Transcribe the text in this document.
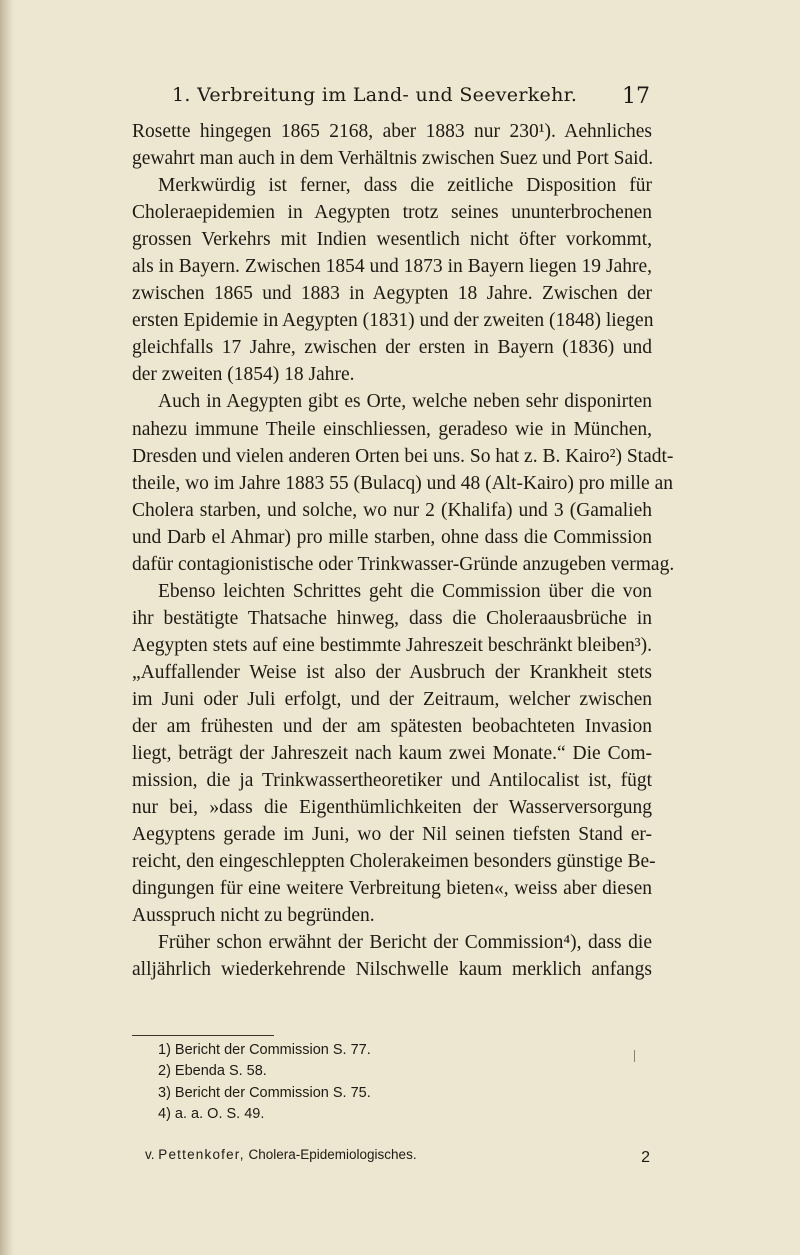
1. Verbreitung im Land- und Seeverkehr. 17
Rosette hingegen 1865 2168, aber 1883 nur 230¹). Aehnliches
gewahrt man auch in dem Verhältnis zwischen Suez und Port Said.
Merkwürdig ist ferner, dass die zeitliche Disposition für
Choleraepidemien in Aegypten trotz seines ununterbrochenen
grossen Verkehrs mit Indien wesentlich nicht öfter vorkommt,
als in Bayern. Zwischen 1854 und 1873 in Bayern liegen 19 Jahre,
zwischen 1865 und 1883 in Aegypten 18 Jahre. Zwischen der
ersten Epidemie in Aegypten (1831) und der zweiten (1848) liegen
gleichfalls 17 Jahre, zwischen der ersten in Bayern (1836) und
der zweiten (1854) 18 Jahre.
Auch in Aegypten gibt es Orte, welche neben sehr disponirten
nahezu immune Theile einschliessen, geradeso wie in München,
Dresden und vielen anderen Orten bei uns. So hat z. B. Kairo²) Stadt-
theile, wo im Jahre 1883 55 (Bulacq) und 48 (Alt-Kairo) pro mille an
Cholera starben, und solche, wo nur 2 (Khalifa) und 3 (Gamalieh
und Darb el Ahmar) pro mille starben, ohne dass die Commission
dafür contagionistische oder Trinkwasser-Gründe anzugeben vermag.
Ebenso leichten Schrittes geht die Commission über die von
ihr bestätigte Thatsache hinweg, dass die Choleraausbrüche in
Aegypten stets auf eine bestimmte Jahreszeit beschränkt bleiben³).
„Auffallender Weise ist also der Ausbruch der Krankheit stets
im Juni oder Juli erfolgt, und der Zeitraum, welcher zwischen
der am frühesten und der am spätesten beobachteten Invasion
liegt, beträgt der Jahreszeit nach kaum zwei Monate.“ Die Com-
mission, die ja Trinkwassertheoretiker und Antilocalist ist, fügt
nur bei, »dass die Eigenthümlichkeiten der Wasserversorgung
Aegyptens gerade im Juni, wo der Nil seinen tiefsten Stand er-
reicht, den eingeschleppten Cholerakeimen besonders günstige Be-
dingungen für eine weitere Verbreitung bieten«, weiss aber diesen
Ausspruch nicht zu begründen.
Früher schon erwähnt der Bericht der Commission⁴), dass die
alljährlich wiederkehrende Nilschwelle kaum merklich anfangs
1) Bericht der Commission S. 77.
2) Ebenda S. 58.
3) Bericht der Commission S. 75.
4) a. a. O. S. 49.
v. Pettenkofer, Cholera-Epidemiologisches.	2
